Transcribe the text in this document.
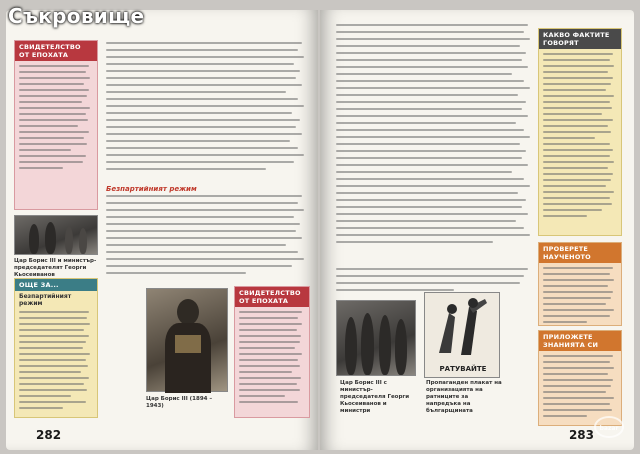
Съкровище
СВИДЕТЕЛСТВО ОТ ЕПОХАТА
Цар Борис III и министър-председателят Георги Кьосеиванов
ОЩЕ ЗА...
Безпартийният режим
Безпартийният режим
Цар Борис III (1894 – 1943)
СВИДЕТЕЛСТВО ОТ ЕПОХАТА
282
Цар Борис III с министър-председателя Георги Кьосеиванов и министри
РАТУВАЙТЕ
Пропаганден плакат на организацията на ратниците за напредъка на българщината
КАКВО ФАКТИТЕ ГОВОРЯТ
ПРОВЕРЕТЕ НАУЧЕНОТО
ПРИЛОЖЕТЕ ЗНАНИЯТА СИ
283 bazar
